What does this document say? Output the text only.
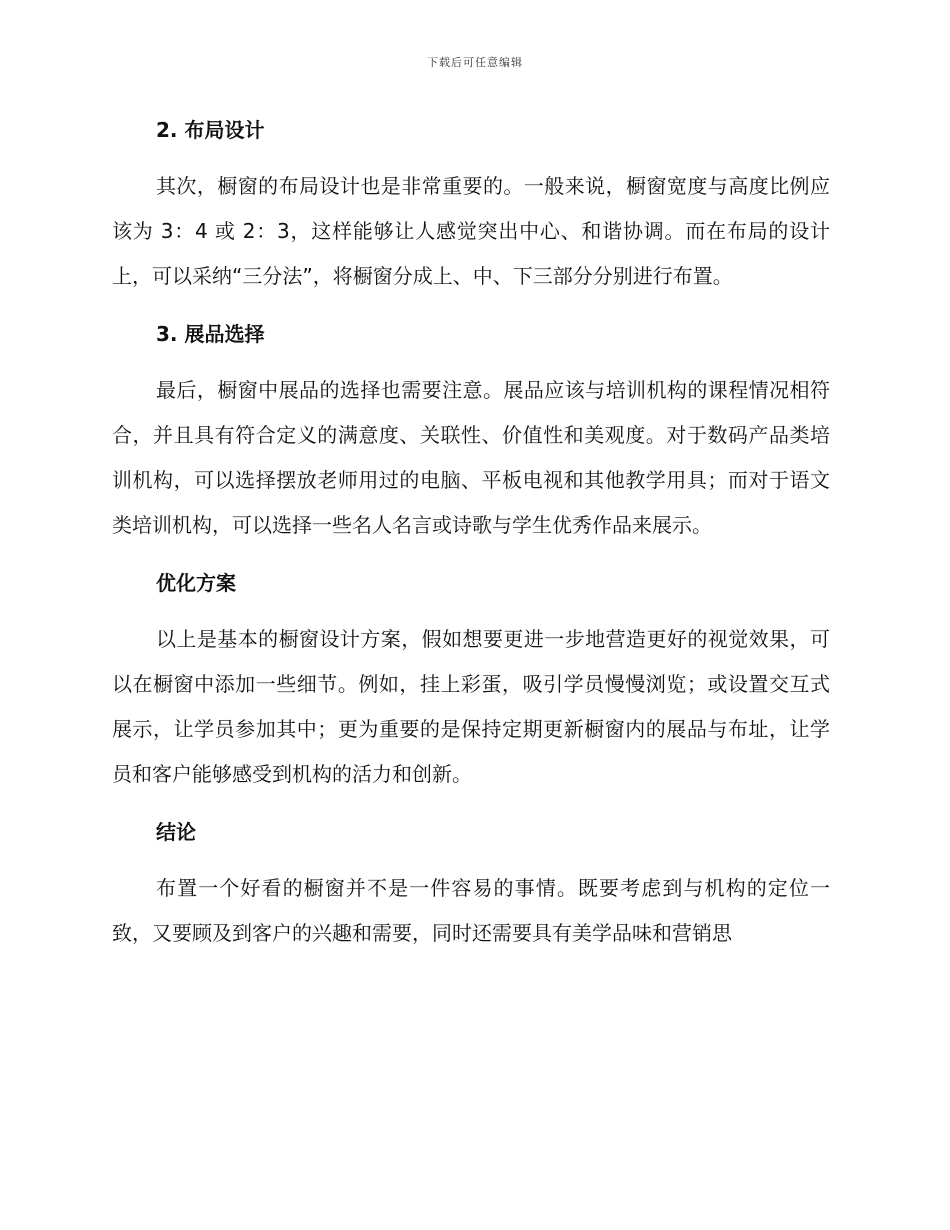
下载后可任意编辑
2. 布局设计
其次，橱窗的布局设计也是非常重要的。一般来说，橱窗宽度与高度比例应该为 3：4 或 2：3，这样能够让人感觉突出中心、和谐协调。而在布局的设计上，可以采纳“三分法”，将橱窗分成上、中、下三部分分别进行布置。
3. 展品选择
最后，橱窗中展品的选择也需要注意。展品应该与培训机构的课程情况相符合，并且具有符合定义的满意度、关联性、价值性和美观度。对于数码产品类培训机构，可以选择摆放老师用过的电脑、平板电视和其他教学用具；而对于语文类培训机构，可以选择一些名人名言或诗歌与学生优秀作品来展示。
优化方案
以上是基本的橱窗设计方案，假如想要更进一步地营造更好的视觉效果，可以在橱窗中添加一些细节。例如，挂上彩蛋，吸引学员慢慢浏览；或设置交互式展示，让学员参加其中；更为重要的是保持定期更新橱窗内的展品与布址，让学员和客户能够感受到机构的活力和创新。
结论
布置一个好看的橱窗并不是一件容易的事情。既要考虑到与机构的定位一致，又要顾及到客户的兴趣和需要，同时还需要具有美学品味和营销思
